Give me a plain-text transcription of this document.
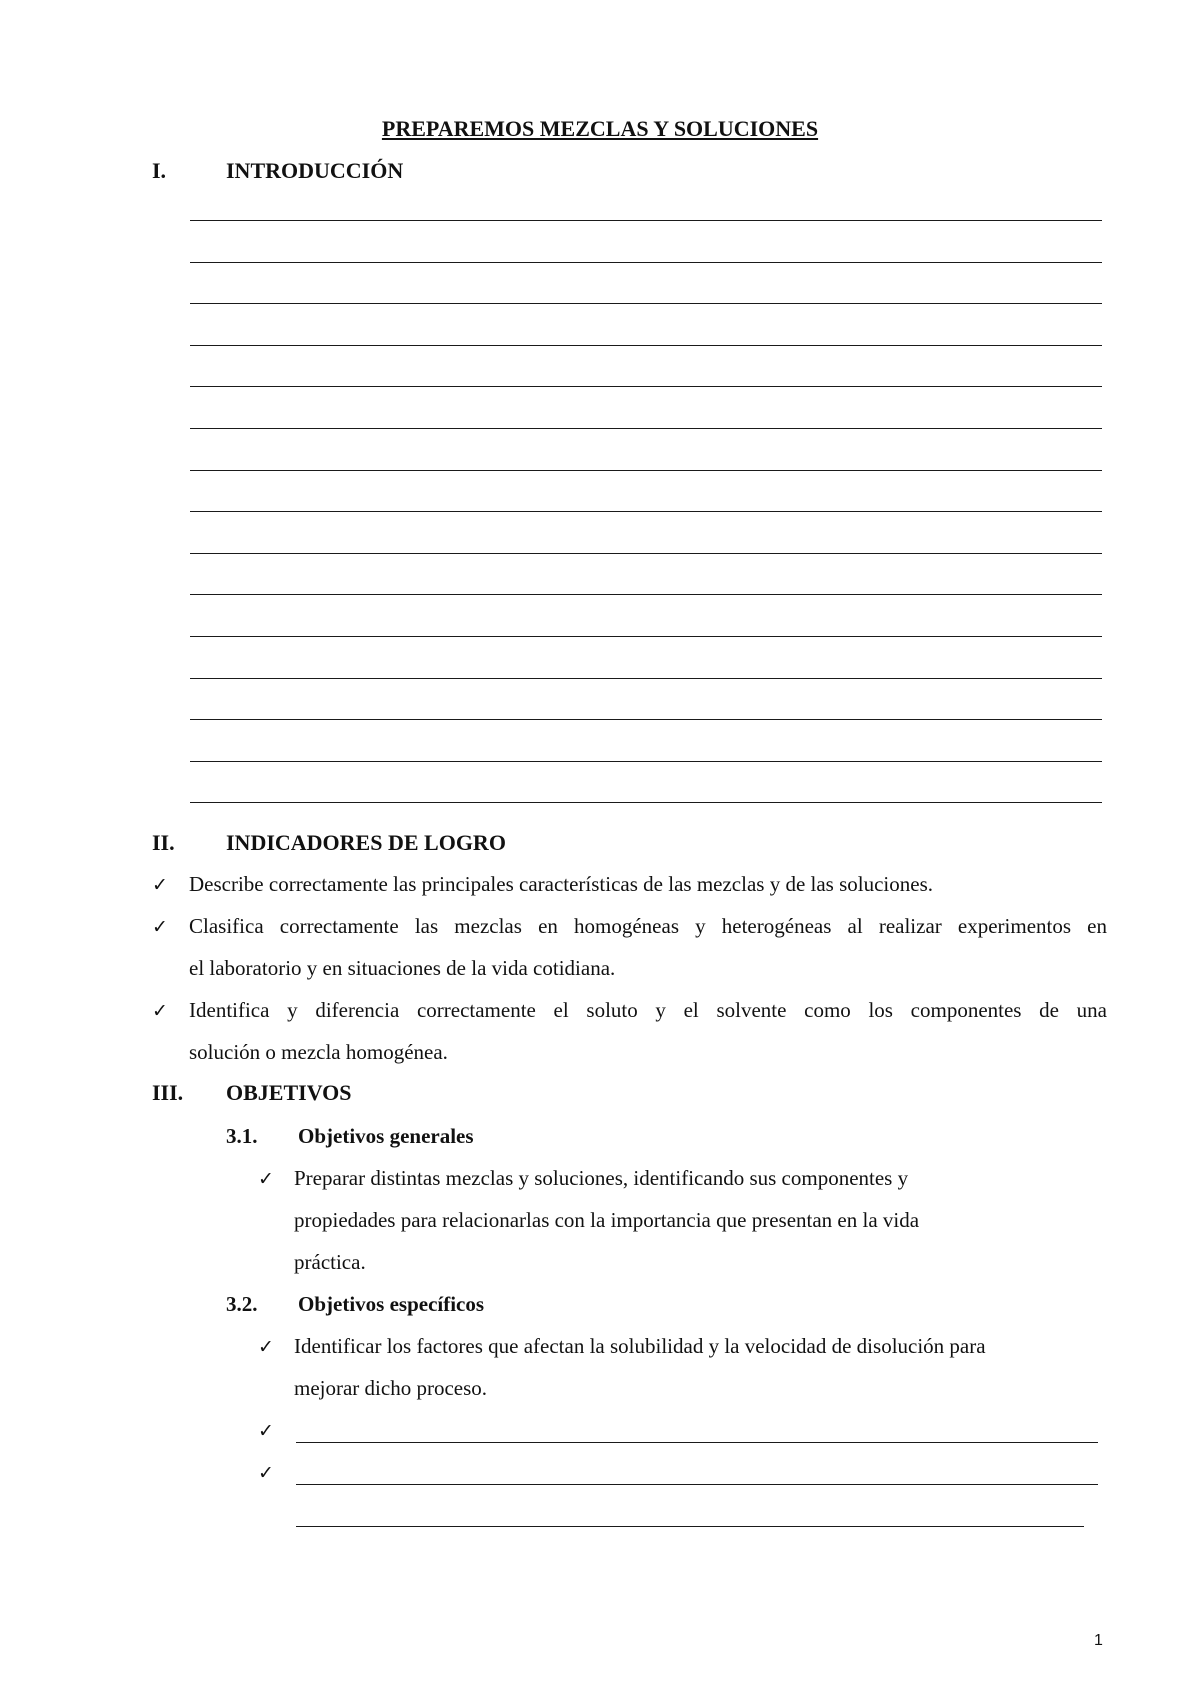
PREPAREMOS MEZCLAS Y SOLUCIONES
I.	INTRODUCCIÓN
II. INDICADORES DE LOGRO
✓ Describe correctamente las principales características de las mezclas y de las soluciones.
✓ Clasifica correctamente las mezclas en homogéneas y heterogéneas al realizar experimentos en
el laboratorio y en situaciones de la vida cotidiana.
✓ Identifica y diferencia correctamente el soluto y el solvente como los componentes de una
solución o mezcla homogénea.
III. OBJETIVOS
3.1. Objetivos generales
✓ Preparar distintas mezclas y soluciones, identificando sus componentes y
propiedades para relacionarlas con la importancia que presentan en la vida
práctica.
3.2. Objetivos específicos
✓ Identificar los factores que afectan la solubilidad y la velocidad de disolución para
mejorar dicho proceso.
✓
✓
1
